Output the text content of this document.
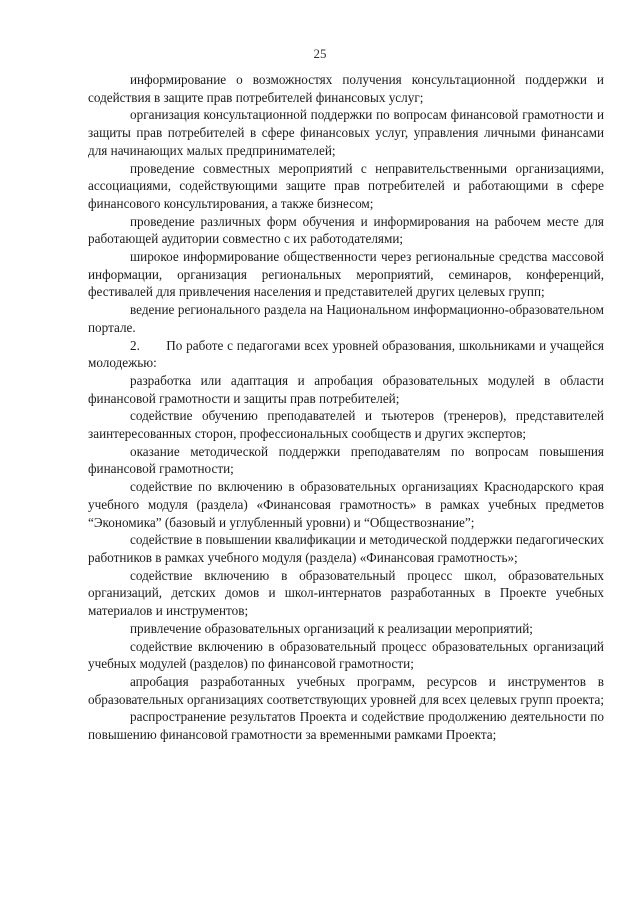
25

информирование о возможностях получения консультационной поддержки и содействия в защите прав потребителей финансовых услуг;

организация консультационной поддержки по вопросам финансовой грамотности и защиты прав потребителей в сфере финансовых услуг, управления личными финансами для начинающих малых предпринимателей;

проведение совместных мероприятий с неправительственными организациями, ассоциациями, содействующими защите прав потребителей и работающими в сфере финансового консультирования, а также бизнесом;

проведение различных форм обучения и информирования на рабочем месте для работающей аудитории совместно с их работодателями;

широкое информирование общественности через региональные средства массовой информации, организация региональных мероприятий, семинаров, конференций, фестивалей для привлечения населения и представителей других целевых групп;

ведение регионального раздела на Национальном информационно-образовательном портале.

2.  По работе с педагогами всех уровней образования, школьниками и учащейся молодежью:

разработка или адаптация и апробация образовательных модулей в области финансовой грамотности и защиты прав потребителей;

содействие обучению преподавателей и тьютеров (тренеров), представителей заинтересованных сторон, профессиональных сообществ и других экспертов;

оказание методической поддержки преподавателям по вопросам повышения финансовой грамотности;

содействие по включению в образовательных организациях Краснодарского края учебного модуля (раздела) «Финансовая грамотность» в рамках учебных предметов “Экономика” (базовый и углубленный уровни) и “Обществознание”;

содействие в повышении квалификации и методической поддержки педагогических работников в рамках учебного модуля (раздела) «Финансовая грамотность»;

содействие включению в образовательный процесс школ, образовательных организаций, детских домов и школ-интернатов разработанных в Проекте учебных материалов и инструментов;

привлечение образовательных организаций к реализации мероприятий;

содействие включению в образовательный процесс образовательных организаций учебных модулей (разделов) по финансовой грамотности;

апробация разработанных учебных программ, ресурсов и инструментов в образовательных организациях соответствующих уровней для всех целевых групп проекта;

распространение результатов Проекта и содействие продолжению деятельности по повышению финансовой грамотности за временными рамками Проекта;
